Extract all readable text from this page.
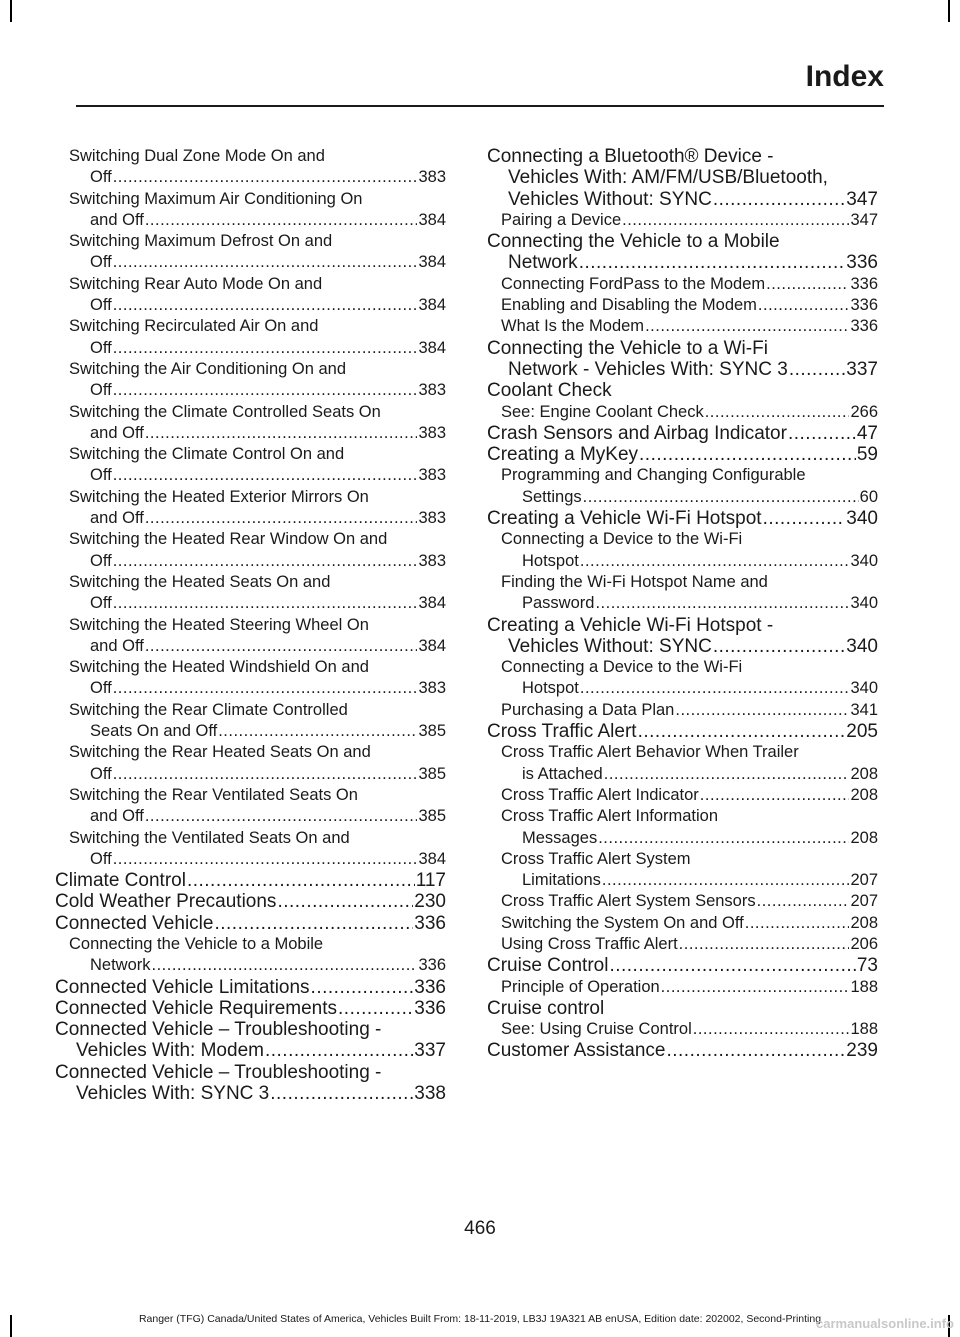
Index
Switching Dual Zone Mode On and
Off .....	383
Switching Maximum Air Conditioning On
and Off .....	384
Switching Maximum Defrost On and
Off .....	384
Switching Rear Auto Mode On and
Off .....	384
Switching Recirculated Air On and
Off .....	384
Switching the Air Conditioning On and
Off .....	383
Switching the Climate Controlled Seats On
and Off .....	383
Switching the Climate Control On and
Off .....	383
Switching the Heated Exterior Mirrors On
and Off .....	383
Switching the Heated Rear Window On and
Off .....	383
Switching the Heated Seats On and
Off .....	384
Switching the Heated Steering Wheel On
and Off .....	384
Switching the Heated Windshield On and
Off .....	383
Switching the Rear Climate Controlled
Seats On and Off .....	385
Switching the Rear Heated Seats On and
Off .....	385
Switching the Rear Ventilated Seats On
and Off .....	385
Switching the Ventilated Seats On and
Off .....	384
Climate Control .....	117
Cold Weather Precautions .....	230
Connected Vehicle .....	336
Connecting the Vehicle to a Mobile
Network .....	336
Connected Vehicle Limitations .....	336
Connected Vehicle Requirements .....	336
Connected Vehicle – Troubleshooting -
Vehicles With: Modem .....	337
Connected Vehicle – Troubleshooting -
Vehicles With: SYNC 3 .....	338
Connecting a Bluetooth® Device -
Vehicles With: AM/FM/USB/Bluetooth,
Vehicles Without: SYNC .....	347
Pairing a Device .....	347
Connecting the Vehicle to a Mobile
Network .....	336
Connecting FordPass to the Modem .....	336
Enabling and Disabling the Modem .....	336
What Is the Modem .....	336
Connecting the Vehicle to a Wi-Fi
Network - Vehicles With: SYNC 3 .....	337
Coolant Check
See: Engine Coolant Check .....	266
Crash Sensors and Airbag Indicator .....	47
Creating a MyKey .....	59
Programming and Changing Configurable
Settings .....	60
Creating a Vehicle Wi-Fi Hotspot .....	340
Connecting a Device to the Wi-Fi
Hotspot .....	340
Finding the Wi-Fi Hotspot Name and
Password .....	340
Creating a Vehicle Wi-Fi Hotspot -
Vehicles Without: SYNC .....	340
Connecting a Device to the Wi-Fi
Hotspot .....	340
Purchasing a Data Plan .....	341
Cross Traffic Alert .....	205
Cross Traffic Alert Behavior When Trailer
is Attached .....	208
Cross Traffic Alert Indicator .....	208
Cross Traffic Alert Information
Messages .....	208
Cross Traffic Alert System
Limitations .....	207
Cross Traffic Alert System Sensors .....	207
Switching the System On and Off .....	208
Using Cross Traffic Alert .....	206
Cruise Control .....	73
Principle of Operation .....	188
Cruise control
See: Using Cruise Control .....	188
Customer Assistance .....	239
466
Ranger (TFG) Canada/United States of America, Vehicles Built From: 18-11-2019, LB3J 19A321 AB enUSA, Edition date: 202002, Second-Printing
carmanualsonline.info
